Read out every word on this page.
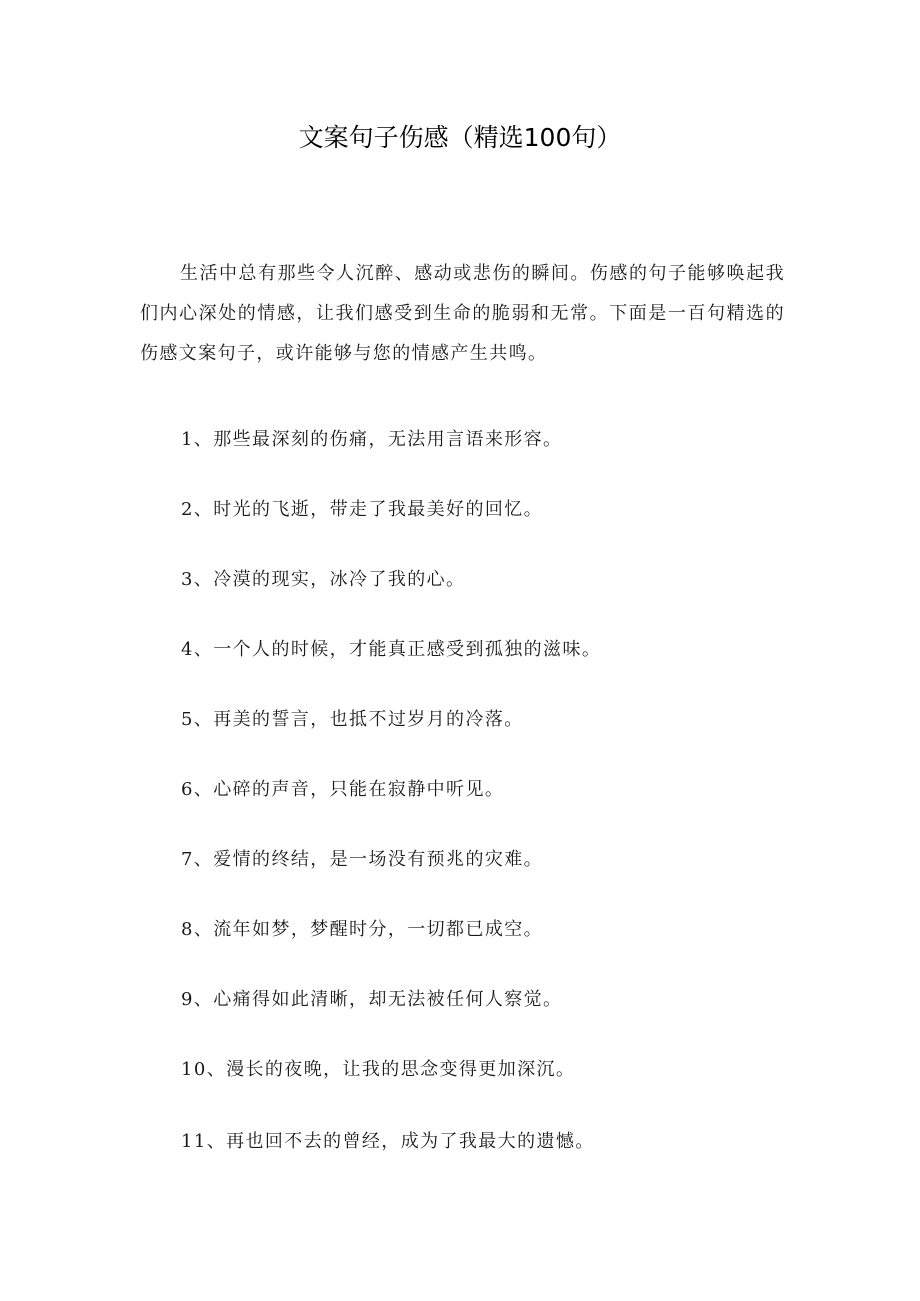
文案句子伤感（精选100句）

生活中总有那些令人沉醉、感动或悲伤的瞬间。伤感的句子能够唤起我们内心深处的情感，让我们感受到生命的脆弱和无常。下面是一百句精选的伤感文案句子，或许能够与您的情感产生共鸣。

1、那些最深刻的伤痛，无法用言语来形容。
2、时光的飞逝，带走了我最美好的回忆。
3、冷漠的现实，冰冷了我的心。
4、一个人的时候，才能真正感受到孤独的滋味。
5、再美的誓言，也抵不过岁月的冷落。
6、心碎的声音，只能在寂静中听见。
7、爱情的终结，是一场没有预兆的灾难。
8、流年如梦，梦醒时分，一切都已成空。
9、心痛得如此清晰，却无法被任何人察觉。
10、漫长的夜晚，让我的思念变得更加深沉。
11、再也回不去的曾经，成为了我最大的遗憾。
